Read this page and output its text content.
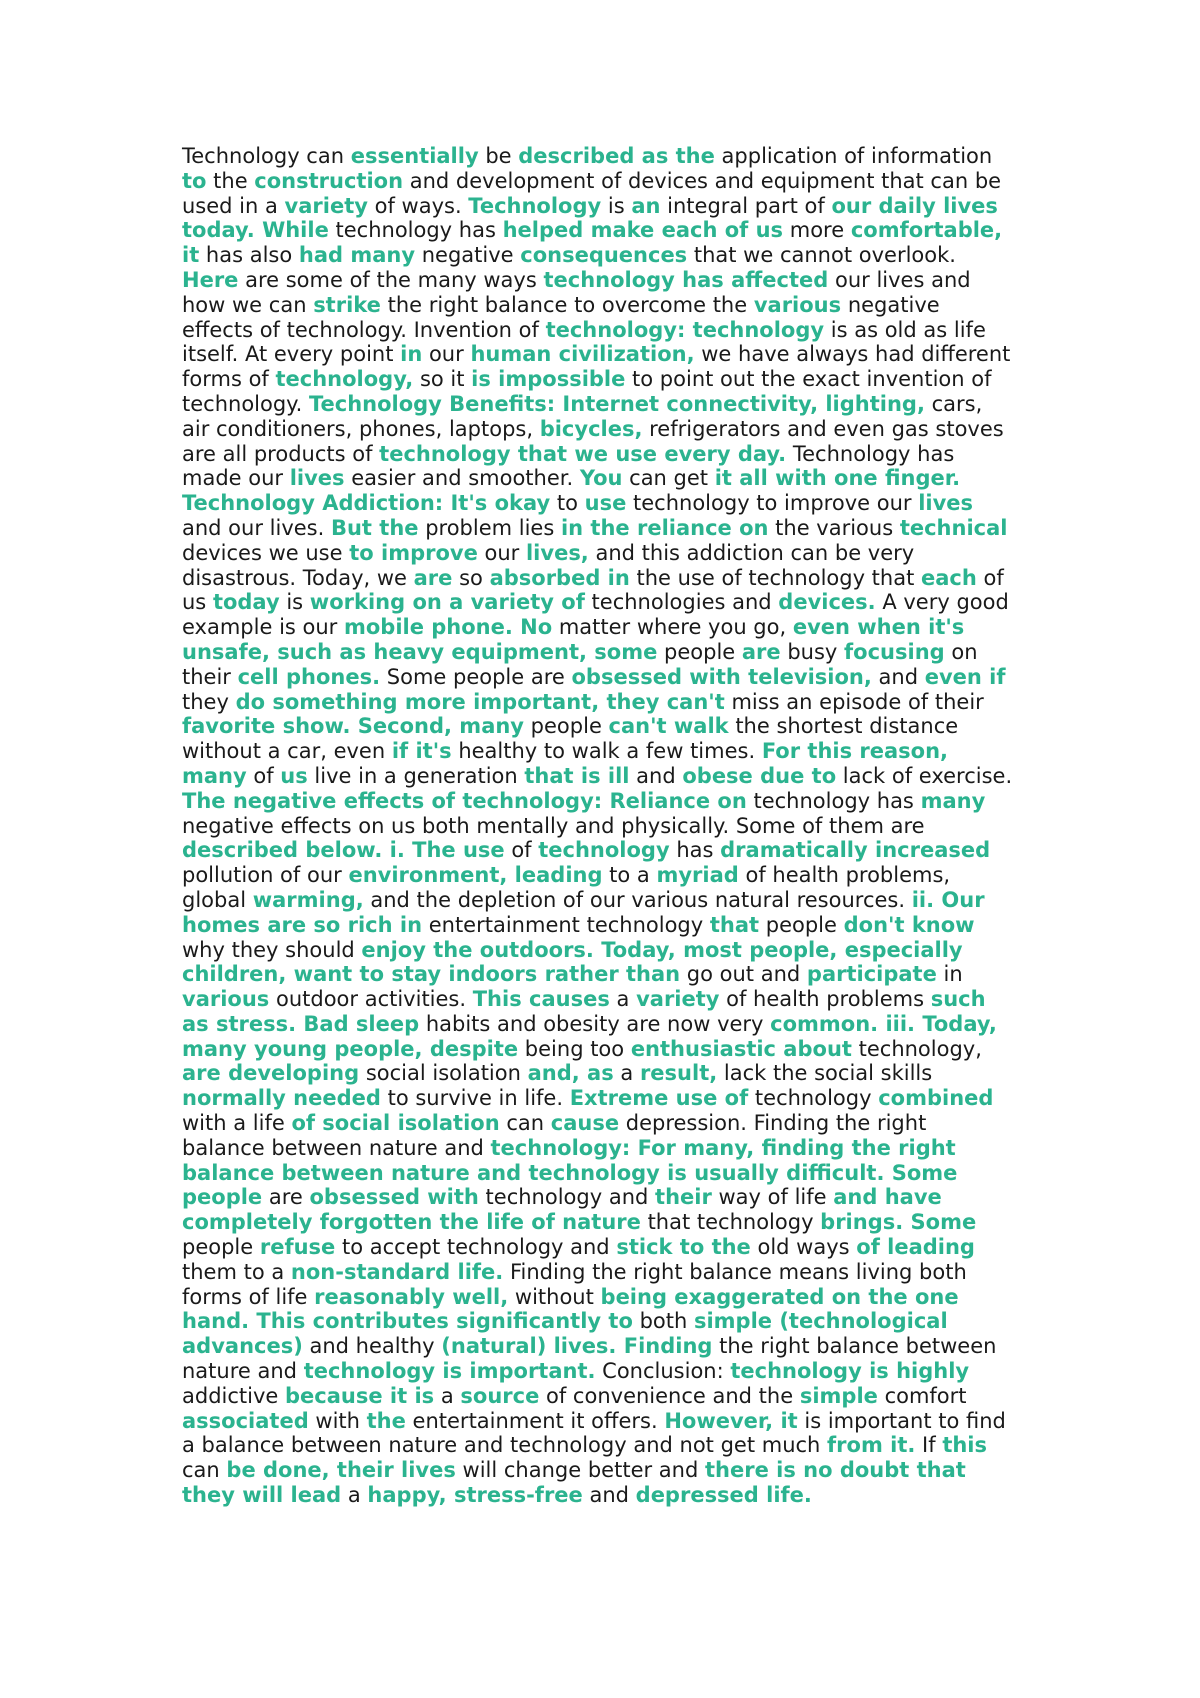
Technology can essentially be described as the application of information
to the construction and development of devices and equipment that can be
used in a variety of ways. Technology is an integral part of our daily lives
today. While technology has helped make each of us more comfortable,
it has also had many negative consequences that we cannot overlook.
Here are some of the many ways technology has affected our lives and
how we can strike the right balance to overcome the various negative
effects of technology. Invention of technology: technology is as old as life
itself. At every point in our human civilization, we have always had different
forms of technology, so it is impossible to point out the exact invention of
technology. Technology Benefits: Internet connectivity, lighting, cars,
air conditioners, phones, laptops, bicycles, refrigerators and even gas stoves
are all products of technology that we use every day. Technology has
made our lives easier and smoother. You can get it all with one finger.
Technology Addiction: It's okay to use technology to improve our lives
and our lives. But the problem lies in the reliance on the various technical
devices we use to improve our lives, and this addiction can be very
disastrous. Today, we are so absorbed in the use of technology that each of
us today is working on a variety of technologies and devices. A very good
example is our mobile phone. No matter where you go, even when it's
unsafe, such as heavy equipment, some people are busy focusing on
their cell phones. Some people are obsessed with television, and even if
they do something more important, they can't miss an episode of their
favorite show. Second, many people can't walk the shortest distance
without a car, even if it's healthy to walk a few times. For this reason,
many of us live in a generation that is ill and obese due to lack of exercise.
The negative effects of technology: Reliance on technology has many
negative effects on us both mentally and physically. Some of them are
described below. i. The use of technology has dramatically increased
pollution of our environment, leading to a myriad of health problems,
global warming, and the depletion of our various natural resources. ii. Our
homes are so rich in entertainment technology that people don't know
why they should enjoy the outdoors. Today, most people, especially
children, want to stay indoors rather than go out and participate in
various outdoor activities. This causes a variety of health problems such
as stress. Bad sleep habits and obesity are now very common. iii. Today,
many young people, despite being too enthusiastic about technology,
are developing social isolation and, as a result, lack the social skills
normally needed to survive in life. Extreme use of technology combined
with a life of social isolation can cause depression. Finding the right
balance between nature and technology: For many, finding the right
balance between nature and technology is usually difficult. Some
people are obsessed with technology and their way of life and have
completely forgotten the life of nature that technology brings. Some
people refuse to accept technology and stick to the old ways of leading
them to a non-standard life. Finding the right balance means living both
forms of life reasonably well, without being exaggerated on the one
hand. This contributes significantly to both simple (technological
advances) and healthy (natural) lives. Finding the right balance between
nature and technology is important. Conclusion: technology is highly
addictive because it is a source of convenience and the simple comfort
associated with the entertainment it offers. However, it is important to find
a balance between nature and technology and not get much from it. If this
can be done, their lives will change better and there is no doubt that
they will lead a happy, stress-free and depressed life.
